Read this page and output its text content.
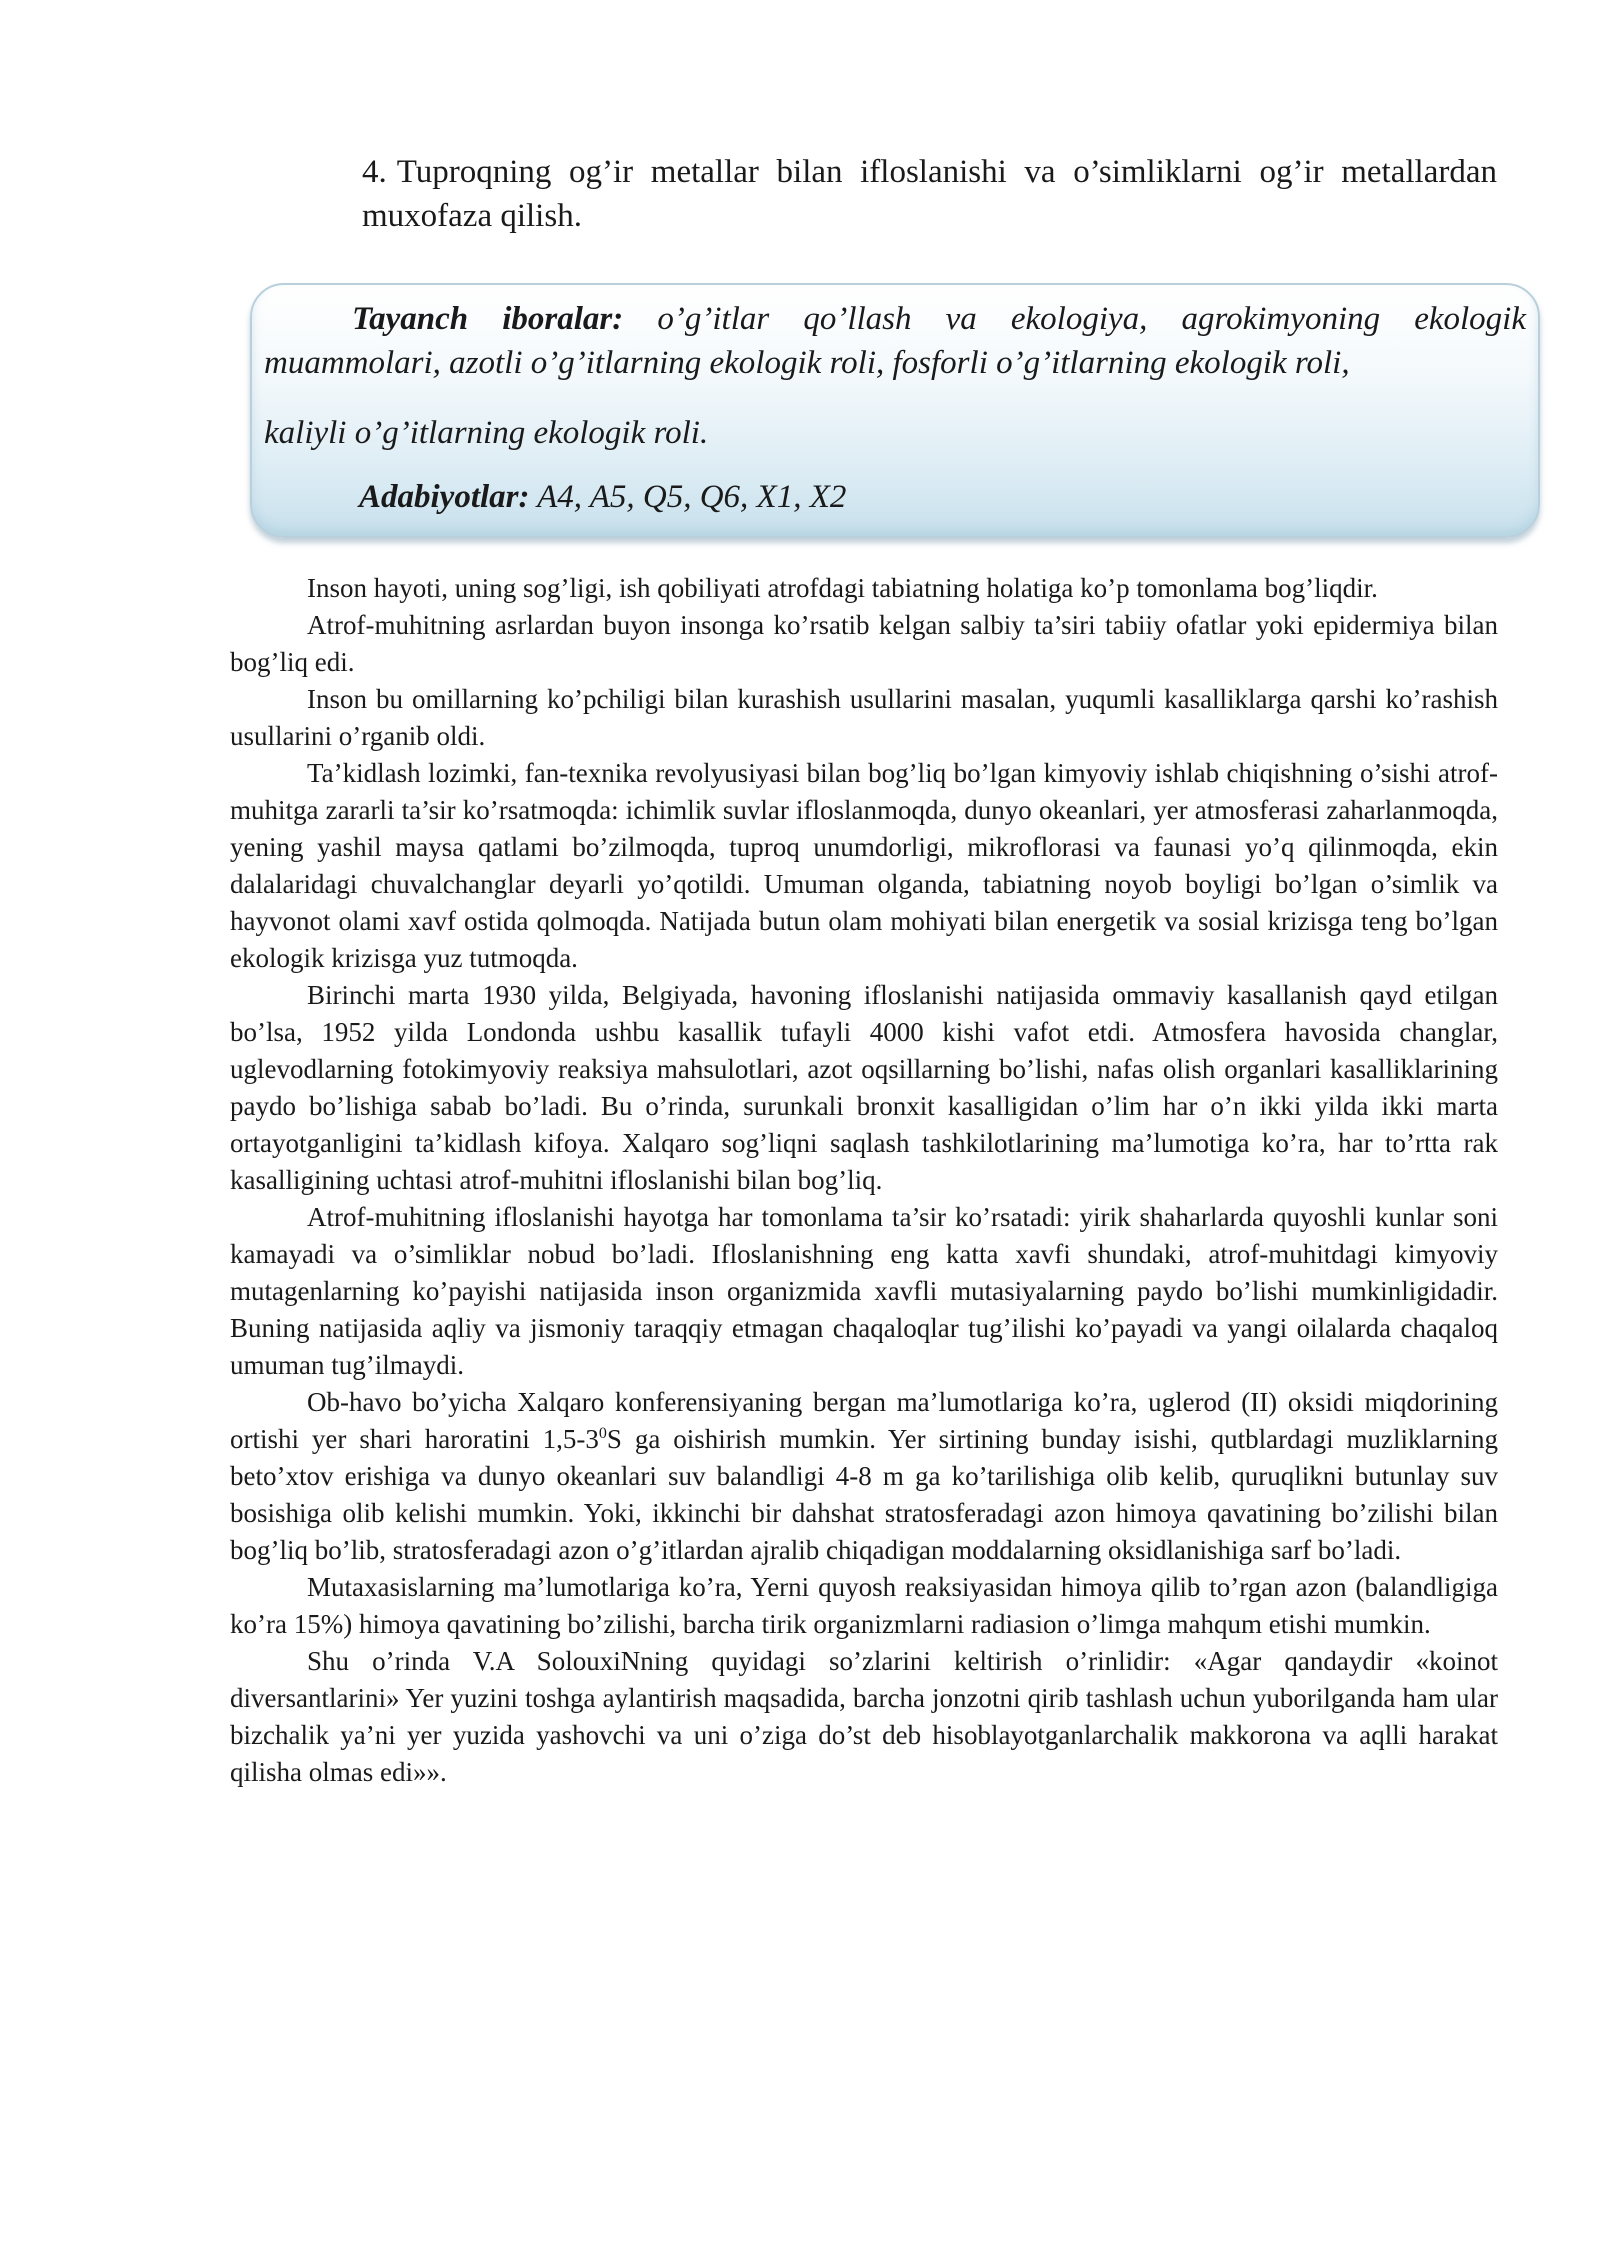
4. Tuproqning og’ir metallar bilan ifloslanishi va o’simliklarni og’ir metallardan muxofaza qilish.
Tayanch iboralar: o’g’itlar qo’llash va ekologiya, agrokimyoning ekologik muammolari, azotli o’g’itlarning ekologik roli, fosforli o’g’itlarning ekologik roli,
kaliyli o’g’itlarning ekologik roli.
Adabiyotlar: A4, A5, Q5, Q6, X1, X2

Inson hayoti, uning sog’ligi, ish qobiliyati atrofdagi tabiatning holatiga ko’p tomonlama bog’liqdir.

Atrof-muhitning asrlardan buyon insonga ko’rsatib kelgan salbiy ta’siri tabiiy ofatlar yoki epidermiya bilan bog’liq edi.

Inson bu omillarning ko’pchiligi bilan kurashish usullarini masalan, yuqumli kasalliklarga qarshi ko’rashish usullarini o’rganib oldi.

Ta’kidlash lozimki, fan-texnika revolyusiyasi bilan bog’liq bo’lgan kimyoviy ishlab chiqishning o’sishi atrof-muhitga zararli ta’sir ko’rsatmoqda: ichimlik suvlar ifloslanmoqda, dunyo okeanlari, yer atmosferasi zaharlanmoqda, yening yashil maysa qatlami bo’zilmoqda, tuproq unumdorligi, mikroflorasi va faunasi yo’q qilinmoqda, ekin dalalaridagi chuvalchanglar deyarli yo’qotildi. Umuman olganda, tabiatning noyob boyligi bo’lgan o’simlik va hayvonot olami xavf ostida qolmoqda. Natijada butun olam mohiyati bilan energetik va sosial krizisga teng bo’lgan ekologik krizisga yuz tutmoqda.

Birinchi marta 1930 yilda, Belgiyada, havoning ifloslanishi natijasida ommaviy kasallanish qayd etilgan bo’lsa, 1952 yilda Londonda ushbu kasallik tufayli 4000 kishi vafot etdi. Atmosfera havosida changlar, uglevodlarning fotokimyoviy reaksiya mahsulotlari, azot oqsillarning bo’lishi, nafas olish organlari kasalliklarining paydo bo’lishiga sabab bo’ladi. Bu o’rinda, surunkali bronxit kasalligidan o’lim har o’n ikki yilda ikki marta ortayotganligini ta’kidlash kifoya. Xalqaro sog’liqni saqlash tashkilotlarining ma’lumotiga ko’ra, har to’rtta rak kasalligining uchtasi atrof-muhitni ifloslanishi bilan bog’liq.

Atrof-muhitning ifloslanishi hayotga har tomonlama ta’sir ko’rsatadi: yirik shaharlarda quyoshli kunlar soni kamayadi va o’simliklar nobud bo’ladi. Ifloslanishning eng katta xavfi shundaki, atrof-muhitdagi kimyoviy mutagenlarning ko’payishi natijasida inson organizmida xavfli mutasiyalarning paydo bo’lishi mumkinligidadir. Buning natijasida aqliy va jismoniy taraqqiy etmagan chaqaloqlar tug’ilishi ko’payadi va yangi oilalarda chaqaloq umuman tug’ilmaydi.

Ob-havo bo’yicha Xalqaro konferensiyaning bergan ma’lumotlariga ko’ra, uglerod (II) oksidi miqdorining ortishi yer shari haroratini $1,5-3^0S$ ga oishirish mumkin. Yer sirtining bunday isishi, qutblardagi muzliklarning beto’xtov erishiga va dunyo okeanlari suv balandligi 4-8 m ga ko’tarilishiga olib kelib, quruqlikni butunlay suv bosishiga olib kelishi mumkin. Yoki, ikkinchi bir dahshat stratosferadagi azon himoya qavatining bo’zilishi bilan bog’liq bo’lib, stratosferadagi azon o’g’itlardan ajralib chiqadigan moddalarning oksidlanishiga sarf bo’ladi.

Mutaxasislarning ma’lumotlariga ko’ra, Yerni quyosh reaksiyasidan himoya qilib to’rgan azon (balandligiga ko’ra 15%) himoya qavatining bo’zilishi, barcha tirik organizmlarni radiasion o’limga mahqum etishi mumkin.

Shu o’rinda V.A SolouxiNning quyidagi so’zlarini keltirish o’rinlidir: «Agar qandaydir «koinot diversantlarini» Yer yuzini toshga aylantirish maqsadida, barcha jonzotni qirib tashlash uchun yuborilganda ham ular bizchalik ya’ni yer yuzida yashovchi va uni o’ziga do’st deb hisoblayotganlarchalik makkorona va aqlli harakat qilisha olmas edi»».
